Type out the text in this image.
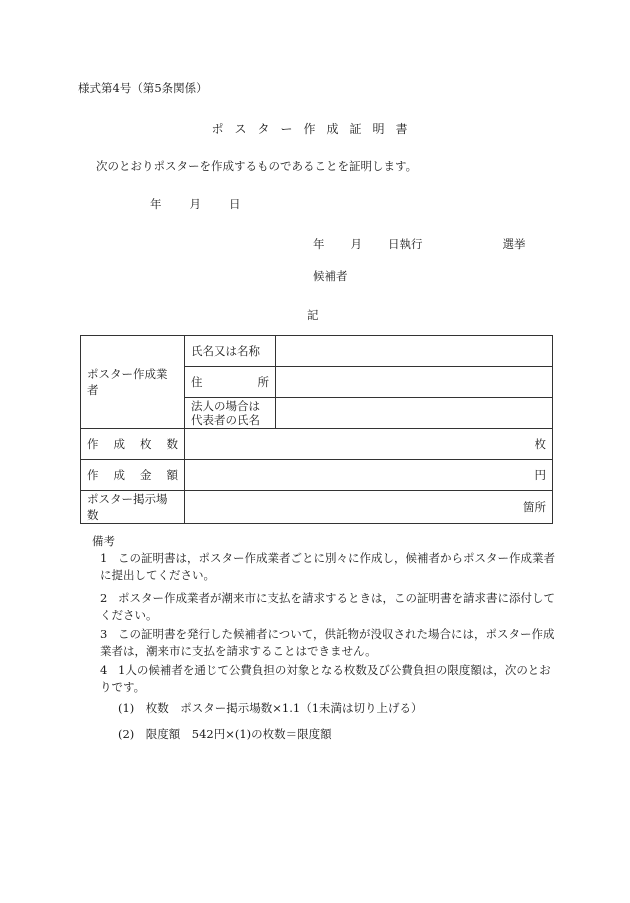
様式第4号（第5条関係）
ポスター作成証明書
次のとおりポスターを作成するものであることを証明します。
年 月 日
年 月 日執行	選挙
候補者
記
ポスター作成業者	氏名又は名称	

	住 所	

	法人の場合は
代表者の氏名	

作 成 枚 数	枚	

作 成 金 額	円	
ポスター掲示場数	箇所	
備考
1 この証明書は，ポスター作成業者ごとに別々に作成し，候補者からポスター作成業者に提出してください。
2 ポスター作成業者が潮来市に支払を請求するときは，この証明書を請求書に添付してください。
3 この証明書を発行した候補者について，供託物が没収された場合には，ポスター作成業者は，潮来市に支払を請求することはできません。
4 1人の候補者を通じて公費負担の対象となる枚数及び公費負担の限度額は，次のとおりです。
(1)　枚数　ポスター掲示場数×1.1（1未満は切り上げる）
(2)　限度額　542円×(1)の枚数＝限度額
